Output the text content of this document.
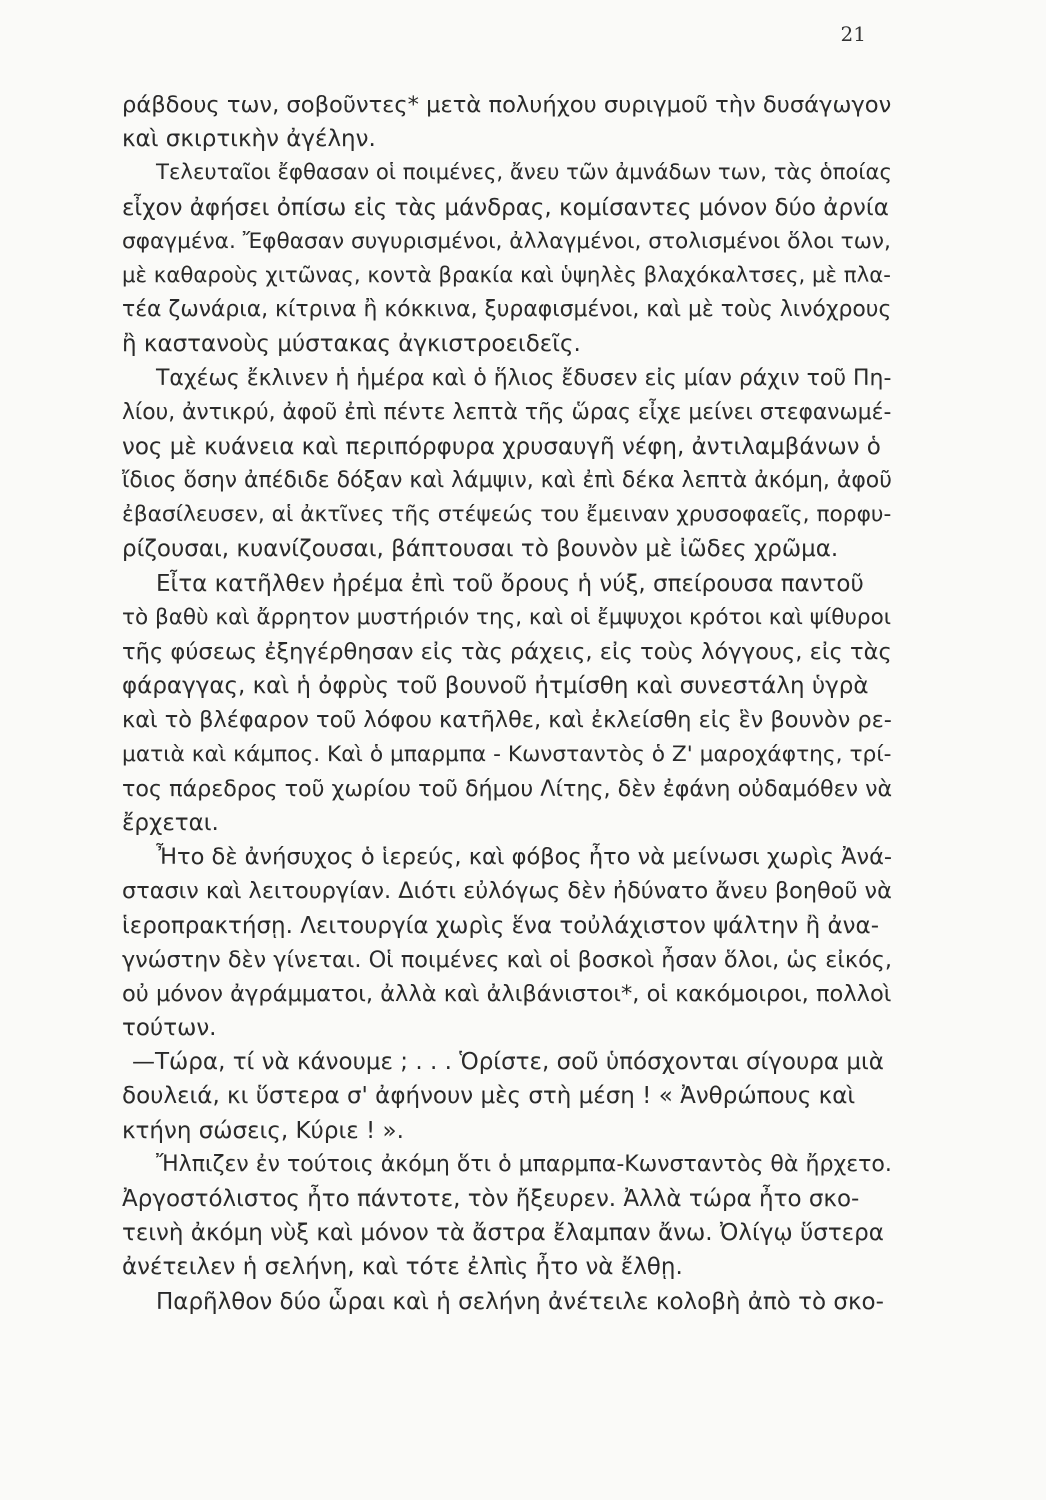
21
ράβδους των, σοβοῦντες* μετὰ πολυήχου συριγμοῦ τὴν δυσάγωγον
καὶ σκιρτικὴν ἀγέλην.
Τελευταῖοι ἔφθασαν οἱ ποιμένες, ἄνευ τῶν ἀμνάδων των, τὰς ὁποίας
εἶχον ἀφήσει ὀπίσω εἰς τὰς μάνδρας, κομίσαντες μόνον δύο ἀρνία
σφαγμένα. Ἔφθασαν συγυρισμένοι, ἀλλαγμένοι, στολισμένοι ὅλοι των,
μὲ καθαροὺς χιτῶνας, κοντὰ βρακία καὶ ὑψηλὲς βλαχόκαλτσες, μὲ πλα-
τέα ζωνάρια, κίτρινα ἢ κόκκινα, ξυραφισμένοι, καὶ μὲ τοὺς λινόχρους
ἢ καστανοὺς μύστακας ἀγκιστροειδεῖς.
Ταχέως ἔκλινεν ἡ ἡμέρα καὶ ὁ ἥλιος ἔδυσεν εἰς μίαν ράχιν τοῦ Πη-
λίου, ἀντικρύ, ἀφοῦ ἐπὶ πέντε λεπτὰ τῆς ὥρας εἶχε μείνει στεφανωμέ-
νος μὲ κυάνεια καὶ περιπόρφυρα χρυσαυγῆ νέφη, ἀντιλαμβάνων ὁ
ἴδιος ὅσην ἀπέδιδε δόξαν καὶ λάμψιν, καὶ ἐπὶ δέκα λεπτὰ ἀκόμη, ἀφοῦ
ἐβασίλευσεν, αἱ ἀκτῖνες τῆς στέψεώς του ἔμειναν χρυσοφαεῖς, πορφυ-
ρίζουσαι, κυανίζουσαι, βάπτουσαι τὸ βουνὸν μὲ ἰῶδες χρῶμα.
Εἶτα κατῆλθεν ἠρέμα ἐπὶ τοῦ ὄρους ἡ νύξ, σπείρουσα παντοῦ
τὸ βαθὺ καὶ ἄρρητον μυστήριόν της, καὶ οἱ ἔμψυχοι κρότοι καὶ ψίθυροι
τῆς φύσεως ἐξηγέρθησαν εἰς τὰς ράχεις, εἰς τοὺς λόγγους, εἰς τὰς
φάραγγας, καὶ ἡ ὀφρὺς τοῦ βουνοῦ ἠτμίσθη καὶ συνεστάλη ὑγρὰ
καὶ τὸ βλέφαρον τοῦ λόφου κατῆλθε, καὶ ἐκλείσθη εἰς ἓν βουνὸν ρε-
ματιὰ καὶ κάμπος. Καὶ ὁ μπαρμπα - Κωνσταντὸς ὁ Ζ' μαροχάφτης, τρί-
τος πάρεδρος τοῦ χωρίου τοῦ δήμου Λίτης, δὲν ἐφάνη οὐδαμόθεν νὰ
ἔρχεται.
Ἦτο δὲ ἀνήσυχος ὁ ἱερεύς, καὶ φόβος ἦτο νὰ μείνωσι χωρὶς Ἀνά-
στασιν καὶ λειτουργίαν. Διότι εὐλόγως δὲν ἠδύνατο ἄνευ βοηθοῦ νὰ
ἱεροπρακτήσῃ. Λειτουργία χωρὶς ἕνα τοὐλάχιστον ψάλτην ἢ ἀνα-
γνώστην δὲν γίνεται. Οἱ ποιμένες καὶ οἱ βοσκοὶ ἦσαν ὅλοι, ὡς εἰκός,
οὐ μόνον ἀγράμματοι, ἀλλὰ καὶ ἀλιβάνιστοι*, οἱ κακόμοιροι, πολλοὶ
τούτων.
—Τώρα, τί νὰ κάνουμε ; . . . Ὁρίστε, σοῦ ὑπόσχονται σίγουρα μιὰ
δουλειά, κι ὕστερα σ' ἀφήνουν μὲς στὴ μέση ! « Ἀνθρώπους καὶ
κτήνη σώσεις, Κύριε ! ».
Ἤλπιζεν ἐν τούτοις ἀκόμη ὅτι ὁ μπαρμπα-Κωνσταντὸς θὰ ἤρχετο.
Ἀργοστόλιστος ἦτο πάντοτε, τὸν ἤξευρεν. Ἀλλὰ τώρα ἦτο σκο-
τεινὴ ἀκόμη νὺξ καὶ μόνον τὰ ἄστρα ἔλαμπαν ἄνω. Ὀλίγῳ ὕστερα
ἀνέτειλεν ἡ σελήνη, καὶ τότε ἐλπὶς ἦτο νὰ ἔλθῃ.
Παρῆλθον δύο ὧραι καὶ ἡ σελήνη ἀνέτειλε κολοβὴ ἀπὸ τὸ σκο-
